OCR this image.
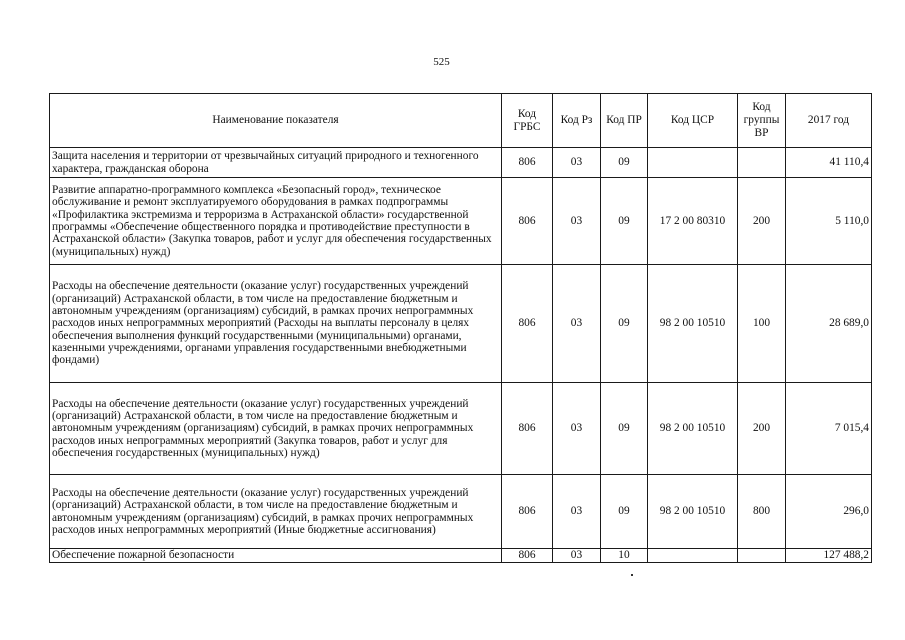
525
Наименование показателя	Код ГРБС	Код Рз	Код ПР	Код ЦСР	Код группы ВР	2017 год
Защита населения и территории от чрезвычайных ситуаций природного и техногенного характера, гражданская оборона	806	03	09			41 110,4
Развитие аппаратно-программного комплекса «Безопасный город», техническое обслуживание и ремонт эксплуатируемого оборудования в рамках подпрограммы «Профилактика экстремизма и терроризма в Астраханской области» государственной программы «Обеспечение общественного порядка и противодействие преступности в Астраханской области» (Закупка товаров, работ и услуг для обеспечения государственных (муниципальных) нужд)	806	03	09	17 2 00 80310	200	5 110,0
Расходы на обеспечение деятельности (оказание услуг) государственных учреждений (организаций) Астраханской области, в том числе на предоставление бюджетным и автономным учреждениям (организациям) субсидий, в рамках прочих непрограммных расходов иных непрограммных мероприятий (Расходы на выплаты персоналу в целях обеспечения выполнения функций государственными (муниципальными) органами, казенными учреждениями, органами управления государственными внебюджетными фондами)	806	03	09	98 2 00 10510	100	28 689,0
Расходы на обеспечение деятельности (оказание услуг) государственных учреждений (организаций) Астраханской области, в том числе на предоставление бюджетным и автономным учреждениям (организациям) субсидий, в рамках прочих непрограммных расходов иных непрограммных мероприятий (Закупка товаров, работ и услуг для обеспечения государственных (муниципальных) нужд)	806	03	09	98 2 00 10510	200	7 015,4
Расходы на обеспечение деятельности (оказание услуг) государственных учреждений (организаций) Астраханской области, в том числе на предоставление бюджетным и автономным учреждениям (организациям) субсидий, в рамках прочих непрограммных расходов иных непрограммных мероприятий (Иные бюджетные ассигнования)	806	03	09	98 2 00 10510	800	296,0
Обеспечение пожарной безопасности	806	03	10			127 488,2
